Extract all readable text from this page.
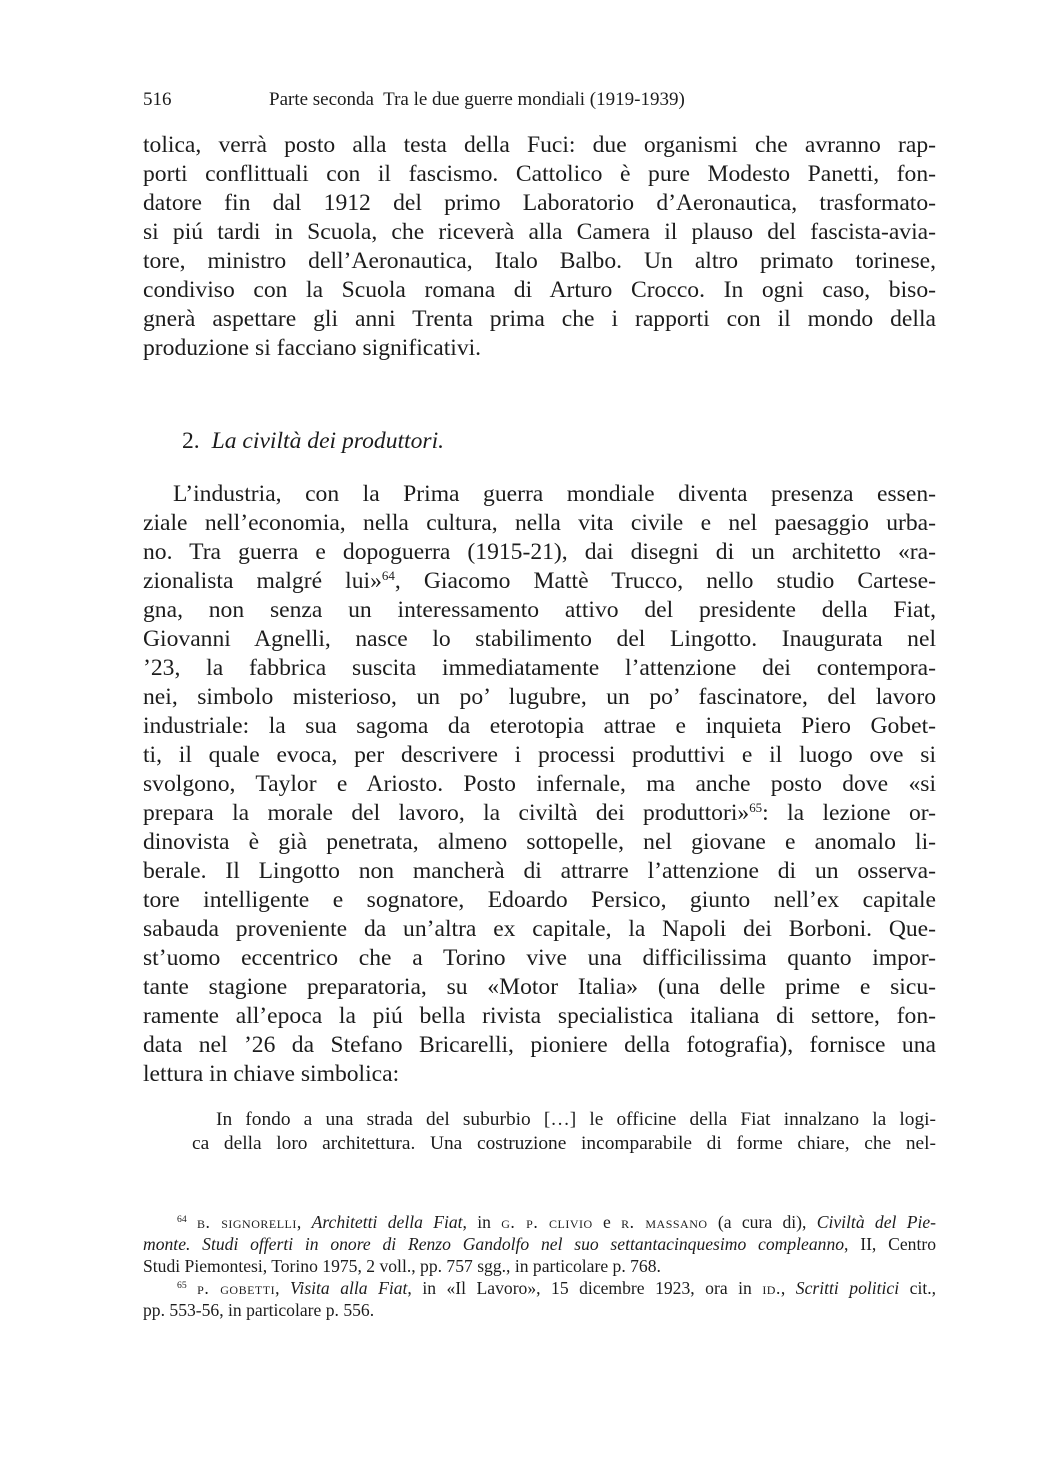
516	Parte seconda  Tra le due guerre mondiali (1919-1939)
tolica, verrà posto alla testa della Fuci: due organismi che avranno rap-
porti conflittuali con il fascismo. Cattolico è pure Modesto Panetti, fon-
datore fin dal 1912 del primo Laboratorio d’Aeronautica, trasformato-
si piú tardi in Scuola, che riceverà alla Camera il plauso del fascista-avia-
tore, ministro dell’Aeronautica, Italo Balbo. Un altro primato torinese,
condiviso con la Scuola romana di Arturo Crocco. In ogni caso, biso-
gnerà aspettare gli anni Trenta prima che i rapporti con il mondo della
produzione si facciano significativi.
2. La civiltà dei produttori.
L’industria, con la Prima guerra mondiale diventa presenza essen-
ziale nell’economia, nella cultura, nella vita civile e nel paesaggio urba-
no. Tra guerra e dopoguerra (1915-21), dai disegni di un architetto «ra-
zionalista malgré lui»$^{64}$, Giacomo Mattè Trucco, nello studio Cartese-
gna, non senza un interessamento attivo del presidente della Fiat,
Giovanni Agnelli, nasce lo stabilimento del Lingotto. Inaugurata nel
’23, la fabbrica suscita immediatamente l’attenzione dei contempora-
nei, simbolo misterioso, un po’ lugubre, un po’ fascinatore, del lavoro
industriale: la sua sagoma da eterotopia attrae e inquieta Piero Gobet-
ti, il quale evoca, per descrivere i processi produttivi e il luogo ove si
svolgono, Taylor e Ariosto. Posto infernale, ma anche posto dove «si
prepara la morale del lavoro, la civiltà dei produttori»$^{65}$: la lezione or-
dinovista è già penetrata, almeno sottopelle, nel giovane e anomalo li-
berale. Il Lingotto non mancherà di attrarre l’attenzione di un osserva-
tore intelligente e sognatore, Edoardo Persico, giunto nell’ex capitale
sabauda proveniente da un’altra ex capitale, la Napoli dei Borboni. Que-
st’uomo eccentrico che a Torino vive una difficilissima quanto impor-
tante stagione preparatoria, su «Motor Italia» (una delle prime e sicu-
ramente all’epoca la piú bella rivista specialistica italiana di settore, fon-
data nel ’26 da Stefano Bricarelli, pioniere della fotografia), fornisce una
lettura in chiave simbolica:
In fondo a una strada del suburbio […] le officine della Fiat innalzano la logi-
ca della loro architettura. Una costruzione incomparabile di forme chiare, che nel-
$^{64}$ b. signorelli, Architetti della Fiat, in g. p. clivio e r. massano (a cura di), Civiltà del Pie-
monte. Studi offerti in onore di Renzo Gandolfo nel suo settantacinquesimo compleanno, II, Centro
Studi Piemontesi, Torino 1975, 2 voll., pp. 757 sgg., in particolare p. 768.
$^{65}$ p. gobetti, Visita alla Fiat, in «Il Lavoro», 15 dicembre 1923, ora in id., Scritti politici cit.,
pp. 553-56, in particolare p. 556.
